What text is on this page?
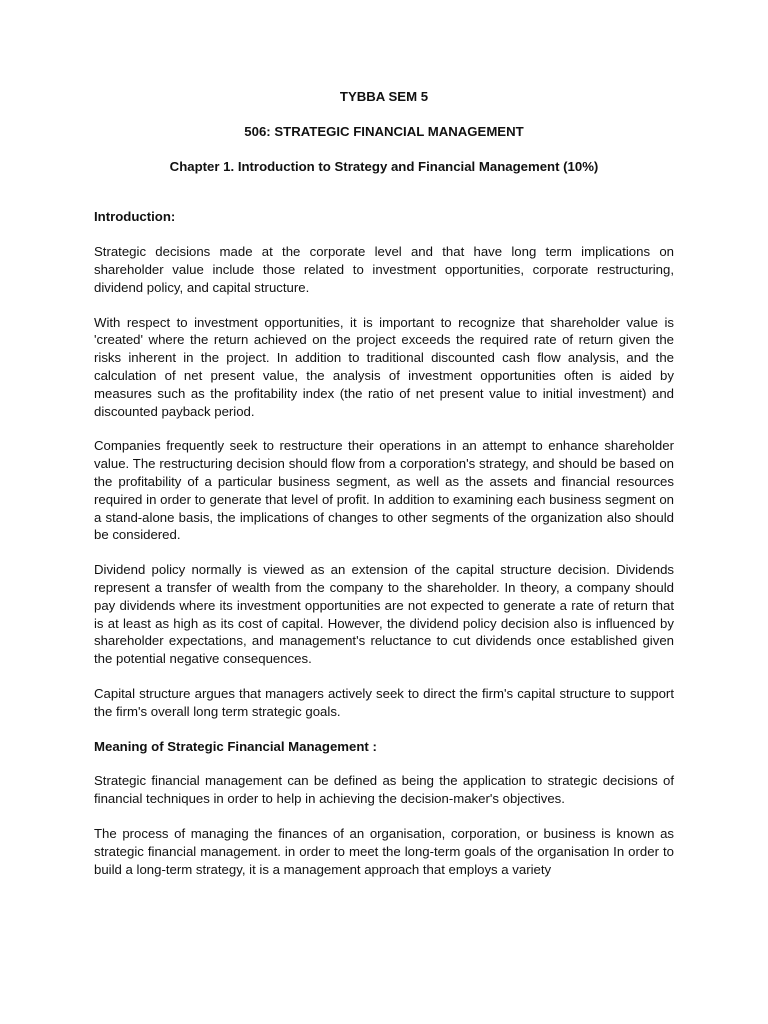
TYBBA SEM 5

506: STRATEGIC FINANCIAL MANAGEMENT

Chapter 1. Introduction to Strategy and Financial Management (10%)

Introduction:

Strategic decisions made at the corporate level and that have long term implications on shareholder value include those related to investment opportunities, corporate restructuring, dividend policy, and capital structure.

With respect to investment opportunities, it is important to recognize that shareholder value is 'created' where the return achieved on the project exceeds the required rate of return given the risks inherent in the project. In addition to traditional discounted cash flow analysis, and the calculation of net present value, the analysis of investment opportunities often is aided by measures such as the profitability index (the ratio of net present value to initial investment) and discounted payback period.

Companies frequently seek to restructure their operations in an attempt to enhance shareholder value. The restructuring decision should flow from a corporation's strategy, and should be based on the profitability of a particular business segment, as well as the assets and financial resources required in order to generate that level of profit. In addition to examining each business segment on a stand-alone basis, the implications of changes to other segments of the organization also should be considered.

Dividend policy normally is viewed as an extension of the capital structure decision. Dividends represent a transfer of wealth from the company to the shareholder. In theory, a company should pay dividends where its investment opportunities are not expected to generate a rate of return that is at least as high as its cost of capital. However, the dividend policy decision also is influenced by shareholder expectations, and management's reluctance to cut dividends once established given the potential negative consequences.

Capital structure argues that managers actively seek to direct the firm's capital structure to support the firm's overall long term strategic goals.

Meaning of Strategic Financial Management :

Strategic financial management can be defined as being the application to strategic decisions of financial techniques in order to help in achieving the decision-maker's objectives.

The process of managing the finances of an organisation, corporation, or business is known as strategic financial management. in order to meet the long-term goals of the organisation In order to build a long-term strategy, it is a management approach that employs a variety
